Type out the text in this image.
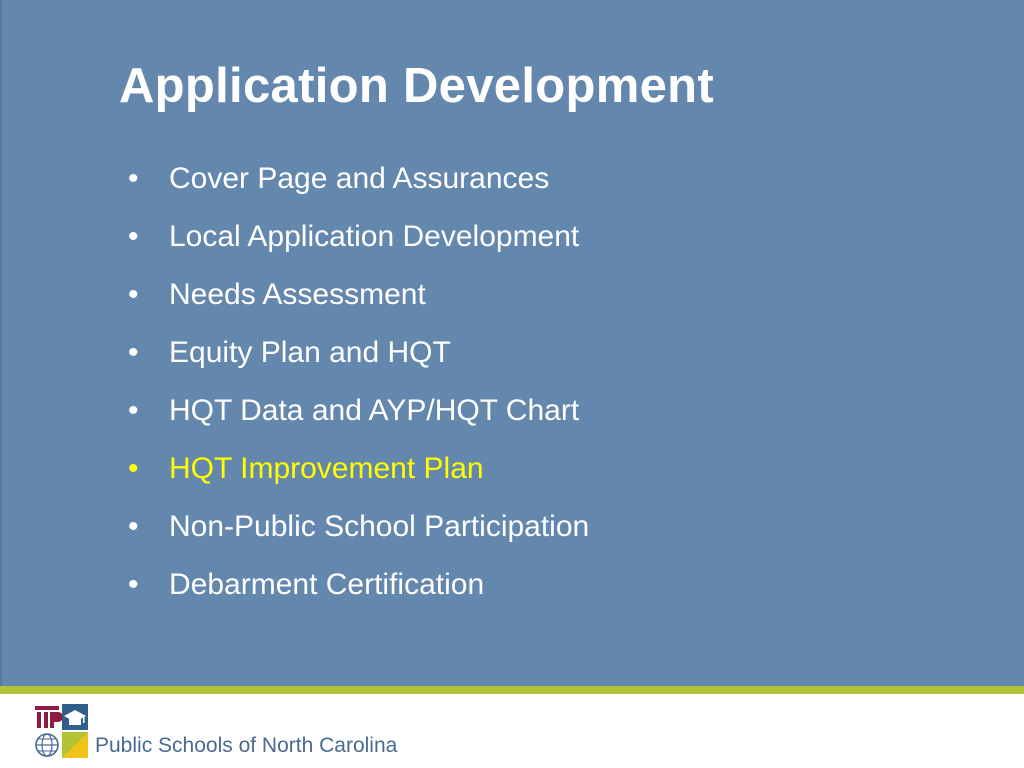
Application Development
•	Cover Page and Assurances
•	Local Application Development
•	Needs Assessment
•	Equity Plan and HQT
•	HQT Data and AYP/HQT Chart
•	HQT Improvement Plan
•	Non-Public School Participation
•	Debarment Certification
Public Schools of North Carolina
